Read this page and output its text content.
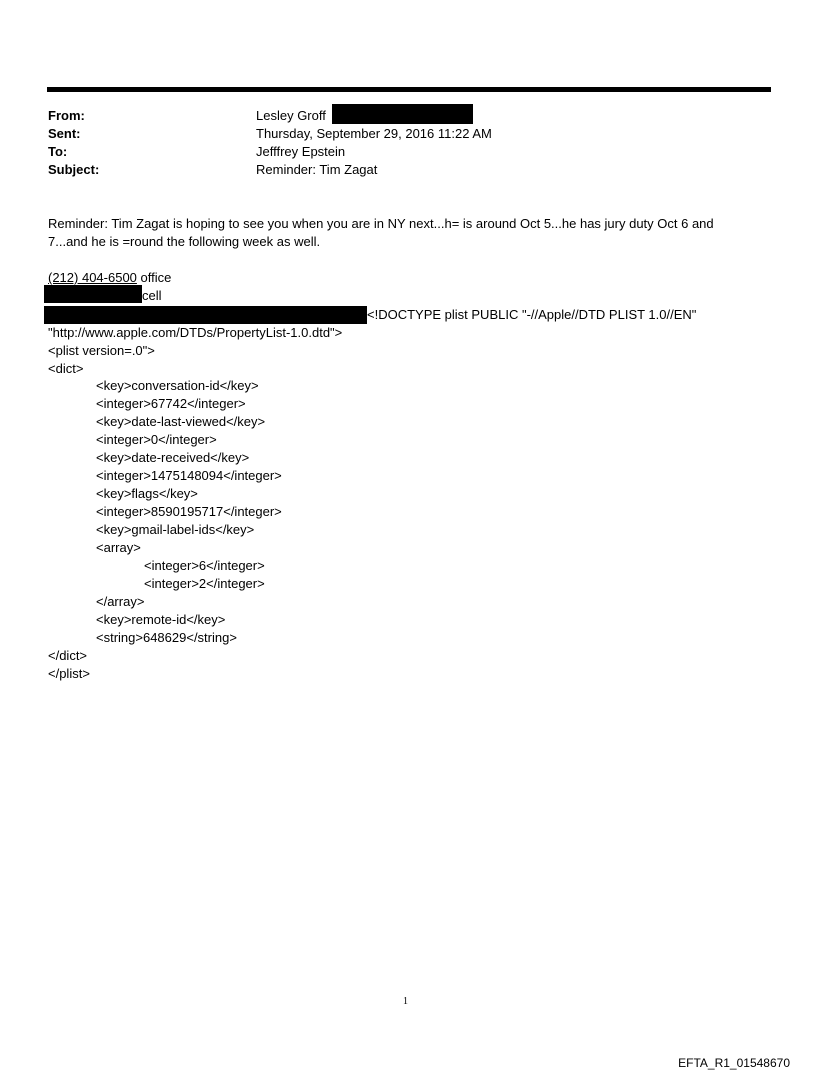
From:	Lesley Groff
Sent:	Thursday, September 29, 2016 11:22 AM
To:	Jefffrey Epstein
Subject:	Reminder: Tim Zagat
Reminder: Tim Zagat is hoping to see you when you are in NY next...h= is around Oct 5...he has jury duty Oct 6 and
7...and he is =round the following week as well.
(212) 404-6500 office
cell
<!DOCTYPE plist PUBLIC "-//Apple//DTD PLIST 1.0//EN"
"http://www.apple.com/DTDs/PropertyList-1.0.dtd">
<plist version=.0">
<dict>
<key>conversation-id</key>
<integer>67742</integer>
<key>date-last-viewed</key>
<integer>0</integer>
<key>date-received</key>
<integer>1475148094</integer>
<key>flags</key>
<integer>8590195717</integer>
<key>gmail-label-ids</key>
<array>
<integer>6</integer>
<integer>2</integer>
</array>
<key>remote-id</key>
<string>648629</string>
</dict>
</plist>
1
EFTA_R1_01548670
